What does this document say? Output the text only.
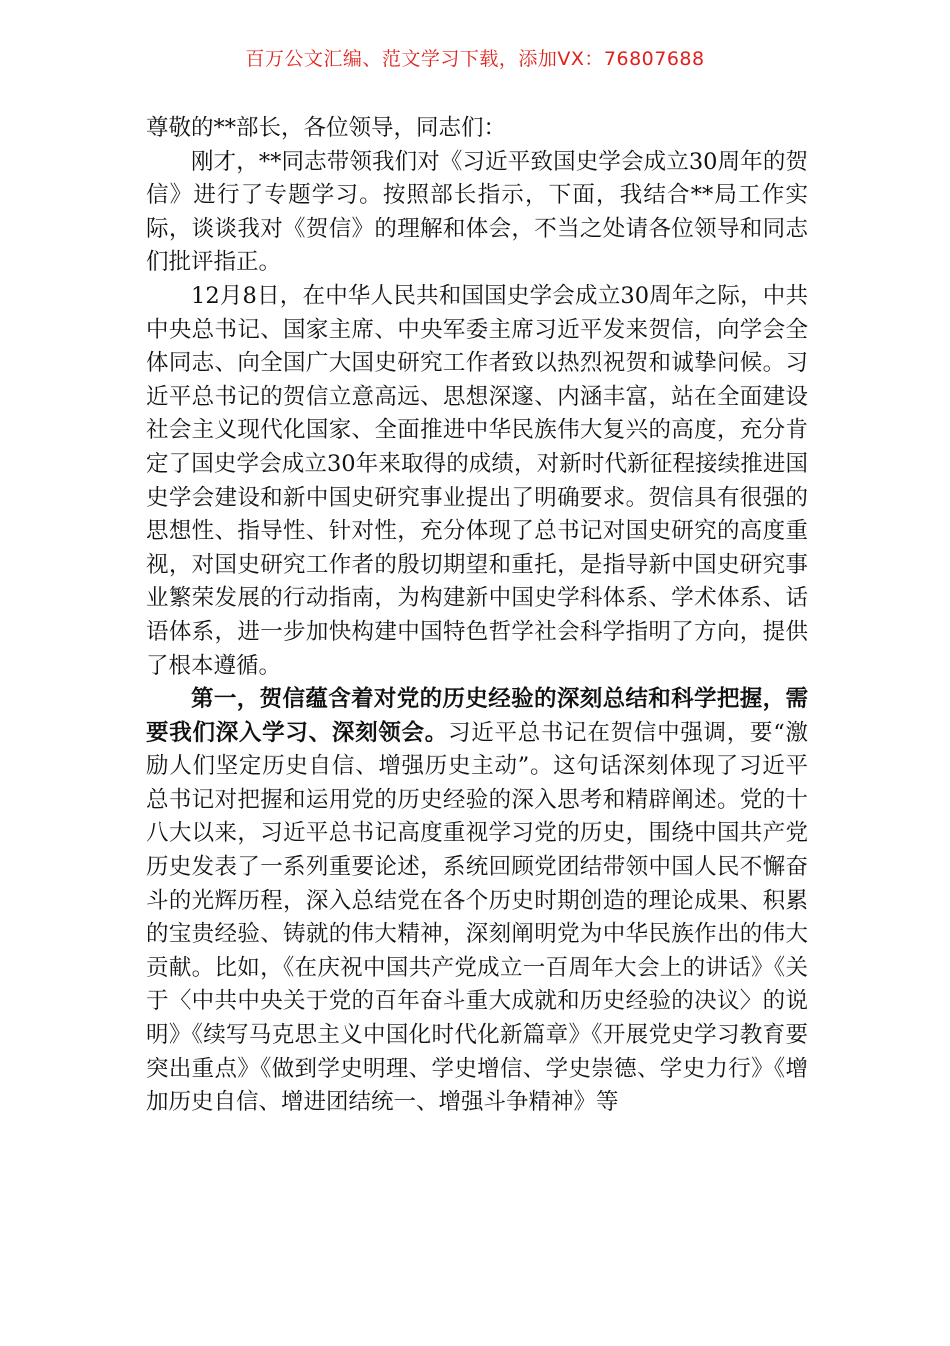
百万公文汇编、范文学习下载，添加VX：76807688

尊敬的**部长，各位领导，同志们：

刚才，**同志带领我们对《习近平致国史学会成立30周年的贺信》进行了专题学习。按照部长指示，下面，我结合**局工作实际，谈谈我对《贺信》的理解和体会，不当之处请各位领导和同志们批评指正。

12月8日，在中华人民共和国国史学会成立30周年之际，中共中央总书记、国家主席、中央军委主席习近平发来贺信，向学会全体同志、向全国广大国史研究工作者致以热烈祝贺和诚挚问候。习近平总书记的贺信立意高远、思想深邃、内涵丰富，站在全面建设社会主义现代化国家、全面推进中华民族伟大复兴的高度，充分肯定了国史学会成立30年来取得的成绩，对新时代新征程接续推进国史学会建设和新中国史研究事业提出了明确要求。贺信具有很强的思想性、指导性、针对性，充分体现了总书记对国史研究的高度重视，对国史研究工作者的殷切期望和重托，是指导新中国史研究事业繁荣发展的行动指南，为构建新中国史学科体系、学术体系、话语体系，进一步加快构建中国特色哲学社会科学指明了方向，提供了根本遵循。

第一，贺信蕴含着对党的历史经验的深刻总结和科学把握，需要我们深入学习、深刻领会。习近平总书记在贺信中强调，要“激励人们坚定历史自信、增强历史主动”。这句话深刻体现了习近平总书记对把握和运用党的历史经验的深入思考和精辟阐述。党的十八大以来，习近平总书记高度重视学习党的历史，围绕中国共产党历史发表了一系列重要论述，系统回顾党团结带领中国人民不懈奋斗的光辉历程，深入总结党在各个历史时期创造的理论成果、积累的宝贵经验、铸就的伟大精神，深刻阐明党为中华民族作出的伟大贡献。比如，《在庆祝中国共产党成立一百周年大会上的讲话》《关于〈中共中央关于党的百年奋斗重大成就和历史经验的决议〉的说明》《续写马克思主义中国化时代化新篇章》《开展党史学习教育要突出重点》《做到学史明理、学史增信、学史崇德、学史力行》《增加历史自信、增进团结统一、增强斗争精神》等
